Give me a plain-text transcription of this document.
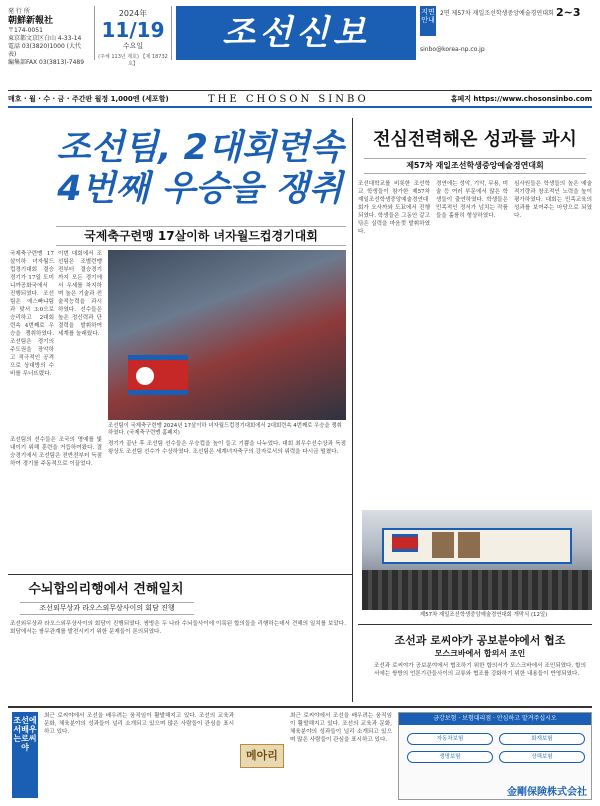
発 行 所
朝鮮新報社
〒174-0051
東京都文京区白山 4-33-14
電話 03(3820)1000 (大代表)
編集部FAX 03(3813)-7489
2024年
11/19
수요일
(주체 113년 제호) 【제 18732호】
조선신보
지면안내
2면 제57차 재일조선학생중앙예술경연대회 2~3
sinbo@korea-np.co.jp
매호 · 월 · 수 · 금 · 주간판 월정 1,000엔 (세포함)	THE CHOSON SINBO	홈페지 https://www.chosonsinbo.com
조선팀, 2대회련속
4번째 우승을 쟁취
국제축구련맹 17살이하 녀자월드컵경기대회
국제축구련맹 17살이하 녀자월드컵경기대회 결승경기가 17일 도미니까공화국에서 진행되였다. 조선팀은 에스빠냐팀과 맞서 3:0으로 승리하고 2대회 련속 4번째로 우승을 쟁취하였다. 조선팀은 경기의 주도권을 장악하고 적극적인 공격으로 상대방의 수비를 무너뜨렸다.
이번 대회에서 조선팀은 조별련맹전부터 결승경기까지 모든 경기에서 우세를 차지하며 높은 기술과 전술적능력을 과시하였다. 선수들은 높은 정신력과 단결력을 발휘하여 세계를 놀래웠다.
조선팀의 선수들은 조국의 명예를 빛내이기 위해 훈련을 거듭하여왔다. 결승경기에서 조선팀은 전반전부터 득점하여 경기를 주동적으로 이끌었다.
조선팀이 국제축구련맹 2024년 17살이하 녀자월드컵경기대회에서 2대회련속 4번째로 우승을 쟁취하였다. (국제축구련맹 홈페지)
경기가 끝난 후 조선팀 선수들은 우승컵을 높이 들고 기쁨을 나누었다. 대회 최우수선수상과 득점왕상도 조선팀 선수가 수상하였다. 조선팀은 세계녀자축구의 강자로서의 위력을 다시금 떨쳤다.
전심전력해온 성과를 과시
제57차 재일조선학생중앙예술경연대회
조선대학교를 비롯한 조선학교 학생들이 참가한 제57차 재일조선학생중앙예술경연대회가 오사까와 도꾜에서 진행되였다. 학생들은 그동안 갈고닦은 실력을 마음껏 발휘하였다.
경연에는 성악, 기악, 무용, 미술 등 여러 부문에서 많은 학생들이 출연하였다. 학생들은 민족적인 정서가 넘치는 작품들을 훌륭히 형상하였다.
심사원들은 학생들의 높은 예술적기량과 창조적인 노력을 높이 평가하였다. 대회는 민족교육의 성과를 보여주는 마당으로 되였다.
제57차 재일조선학생중앙예술경연대회 개막식 (12일)
조선과 로씨야가 공보분야에서 협조
모스크바에서 합의서 조인
조선과 로씨야가 공보분야에서 협조하기 위한 합의서가 모스크바에서 조인되였다. 합의서에는 쌍방의 언론기관들사이의 교류와 협조를 강화하기 위한 내용들이 반영되였다.
수뇌합의리행에서 견해일치
조선외무상과 라오스외무상사이의 회담 진행
조선외무상과 라오스외무상사이의 회담이 진행되였다. 쌍방은 두 나라 수뇌들사이에 이룩된 합의들을 리행하는데서 견해의 일치를 보았다. 회담에서는 쌍무관계를 발전시키기 위한 문제들이 론의되였다.
조선에서배우는로씨야
최근 로씨야에서 조선을 배우려는 움직임이 활발해지고 있다. 조선의 교육과 문화, 체육분야의 성과들이 널리 소개되고 있으며 많은 사람들이 관심을 표시하고 있다.
메아리
최근 로씨야에서 조선을 배우려는 움직임이 활발해지고 있다. 조선의 교육과 문화, 체육분야의 성과들이 널리 소개되고 있으며 많은 사람들이 관심을 표시하고 있다.
금강보험 · 보험대리점 · 안심하고 맡겨주십시오
자동차보험	화재보험
생명보험	상해보험
金剛保険株式会社
